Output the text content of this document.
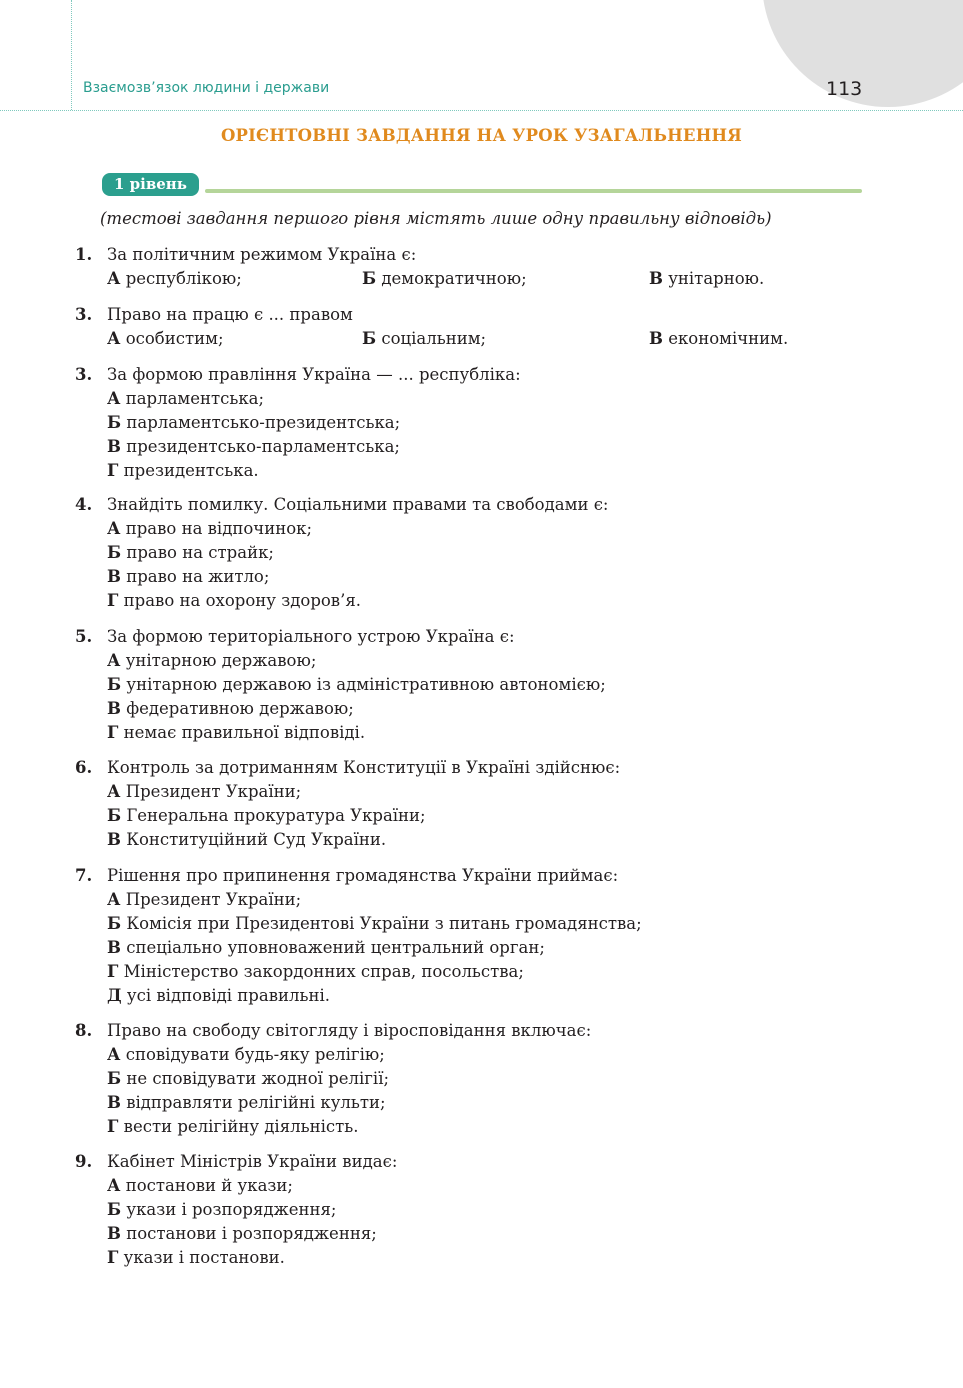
Взаємозв’язок людини і держави	113
ОРІЄНТОВНІ ЗАВДАННЯ НА УРОК УЗАГАЛЬНЕННЯ
1 рівень
(тестові завдання першого рівня містять лише одну правильну відповідь)
1. За політичним режимом Україна є:
А республікою;	Б демократичною;	В унітарною.
3. Право на працю є ... правом
А особистим;	Б соціальним;	В економічним.
3. За формою правління Україна — ... республіка:
А парламентська;
Б парламентсько-президентська;
В президентсько-парламентська;
Г президентська.
4. Знайдіть помилку. Соціальними правами та свободами є:
А право на відпочинок;
Б право на страйк;
В право на житло;
Г право на охорону здоров’я.
5. За формою територіального устрою Україна є:
А унітарною державою;
Б унітарною державою із адміністративною автономією;
В федеративною державою;
Г немає правильної відповіді.
6. Контроль за дотриманням Конституції в Україні здійснює:
А Президент України;
Б Генеральна прокуратура України;
В Конституційний Суд України.
7. Рішення про припинення громадянства України приймає:
А Президент України;
Б Комісія при Президентові України з питань громадянства;
В спеціально уповноважений центральний орган;
Г Міністерство закордонних справ, посольства;
Д усі відповіді правильні.
8. Право на свободу світогляду і віросповідання включає:
А сповідувати будь-яку релігію;
Б не сповідувати жодної релігії;
В відправляти релігійні культи;
Г вести релігійну діяльність.
9. Кабінет Міністрів України видає:
А постанови й укази;
Б укази і розпорядження;
В постанови і розпорядження;
Г укази і постанови.
